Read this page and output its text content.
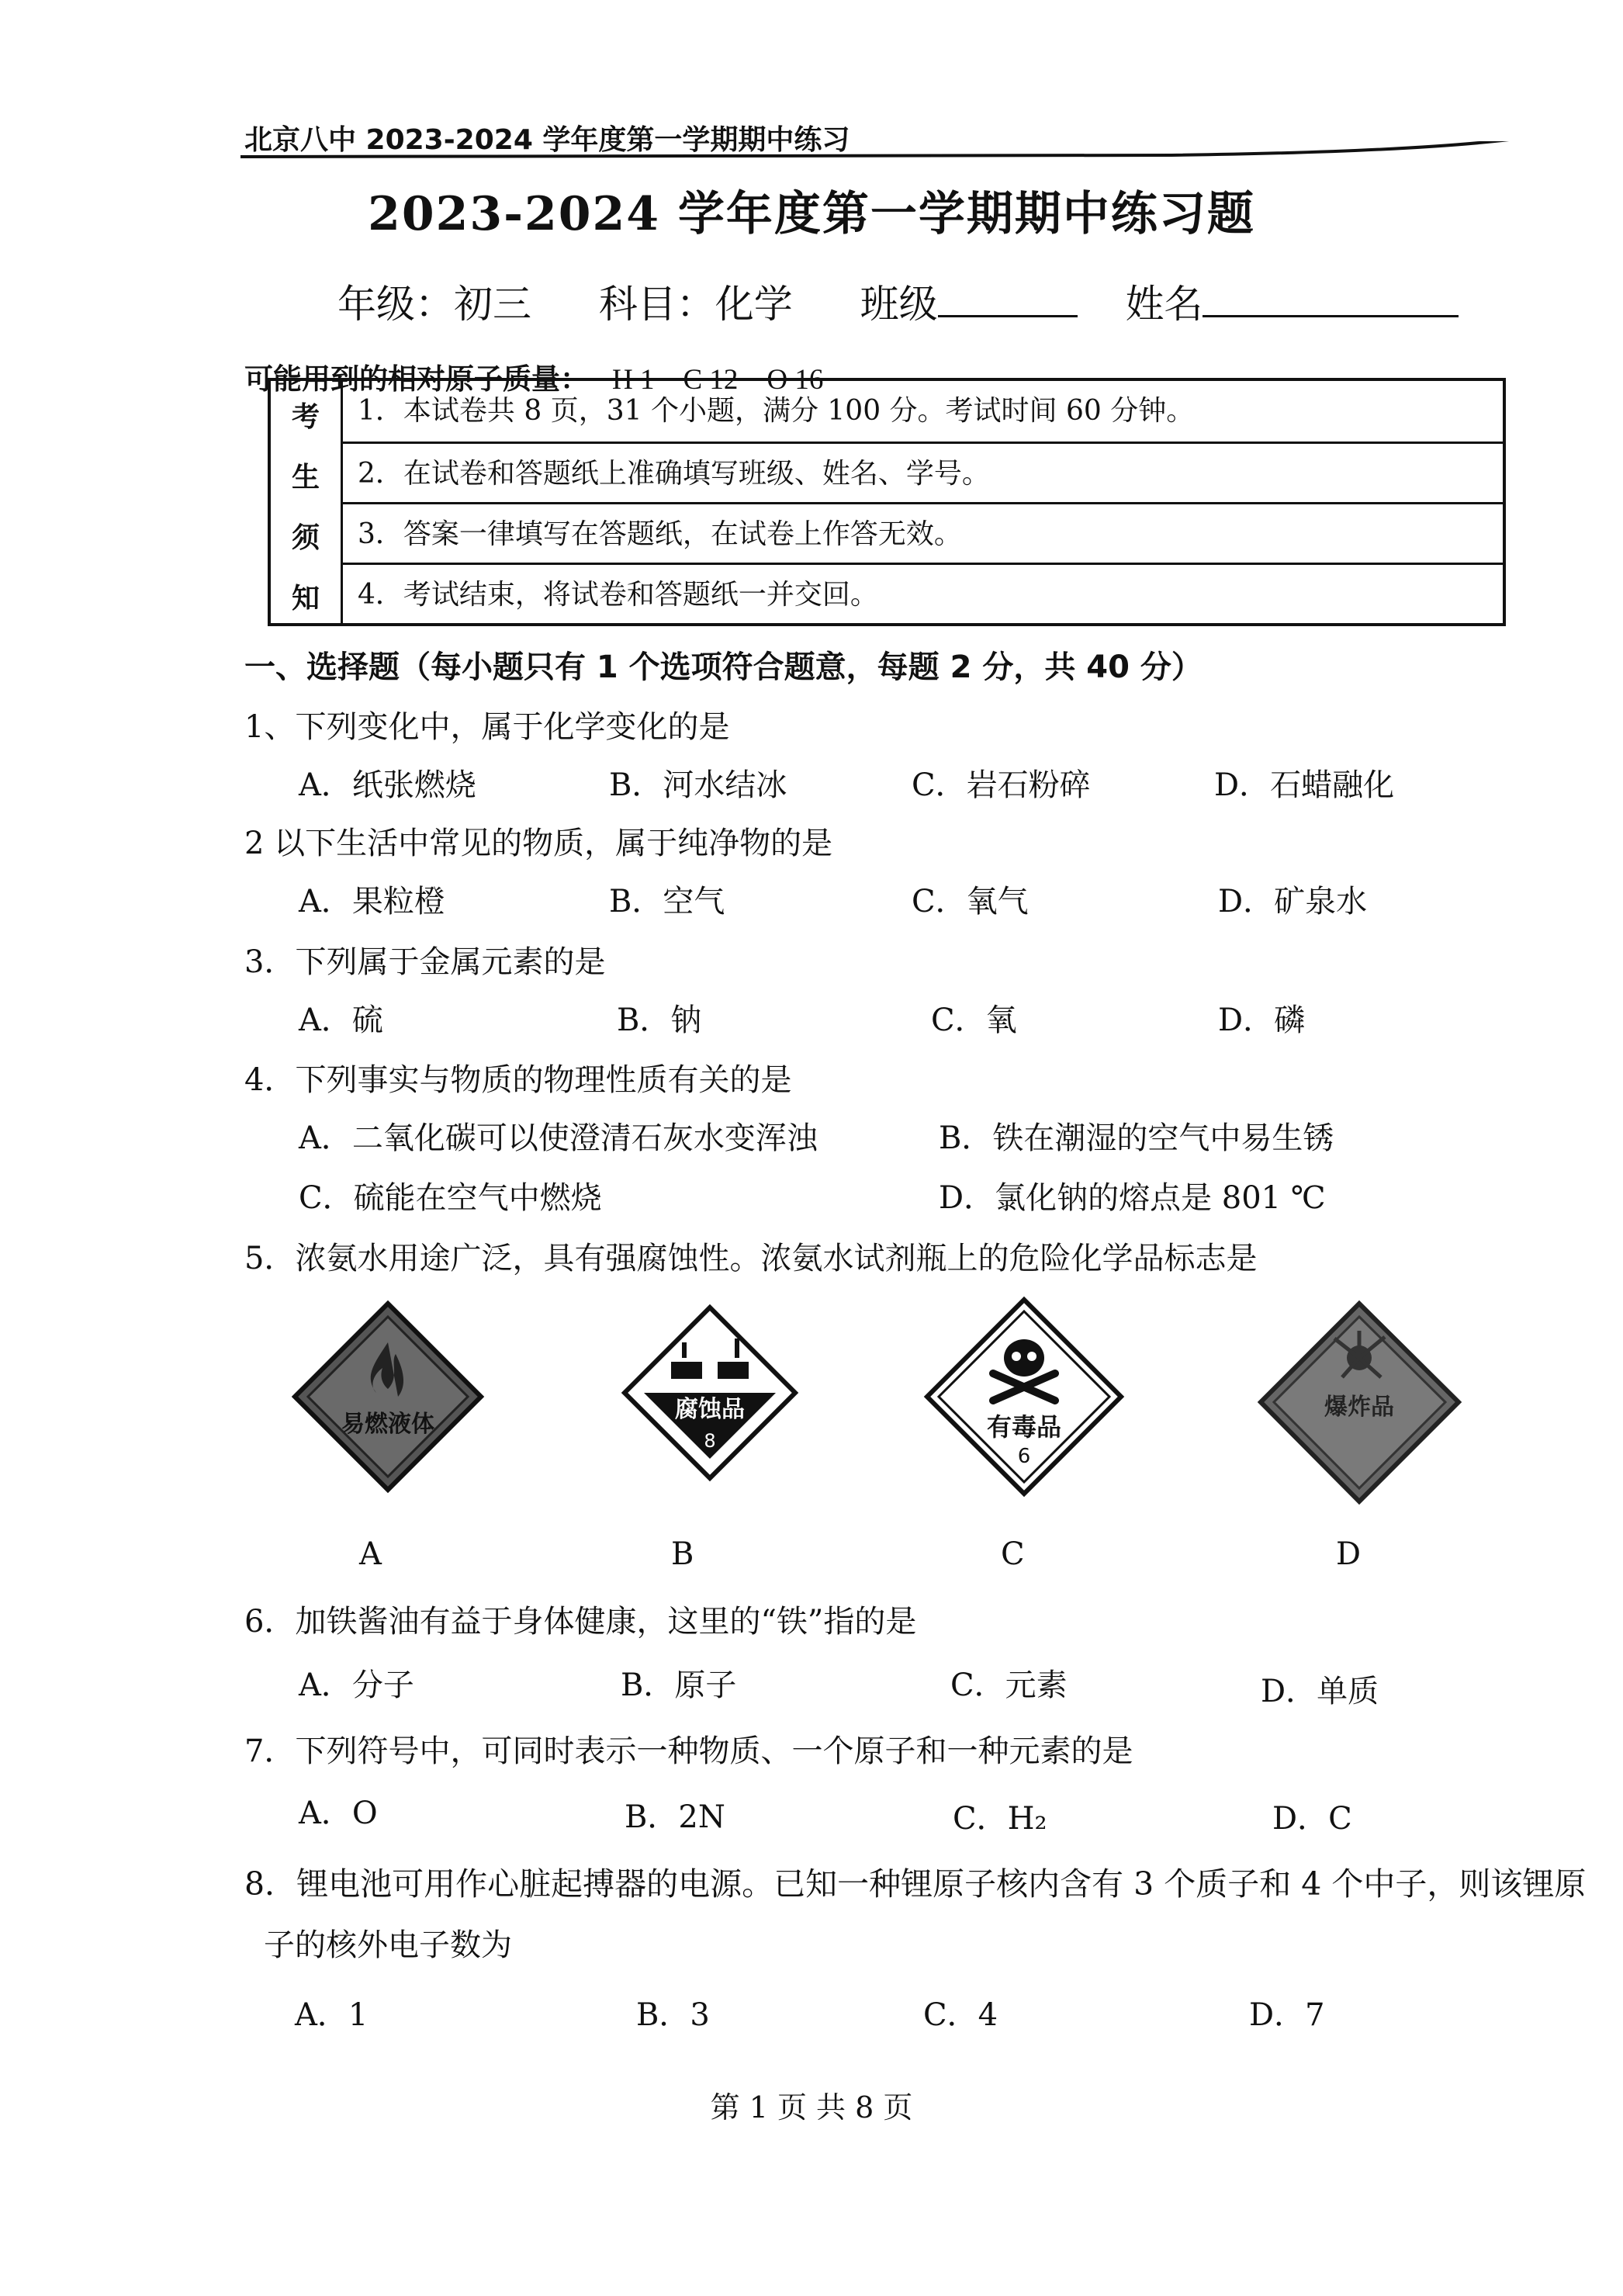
北京八中 2023-2024 学年度第一学期期中练习
2023-2024 学年度第一学期期中练习题
年级：初三 科目：化学 班级	姓名
可能用到的相对原子质量： H 1    C 12    O 16
考
生
须
知
1．本试卷共 8 页，31 个小题，满分 100 分。考试时间 60 分钟。
2．在试卷和答题纸上准确填写班级、姓名、学号。
3．答案一律填写在答题纸，在试卷上作答无效。
4．考试结束，将试卷和答题纸一并交回。
一、选择题（每小题只有 1 个选项符合题意，每题 2 分，共 40 分）
1、下列变化中，属于化学变化的是
A．纸张燃烧	B．河水结冰	C．岩石粉碎	D．石蜡融化
2 以下生活中常见的物质，属于纯净物的是
A．果粒橙	B．空气	C．氧气	D．矿泉水
3．下列属于金属元素的是
A．硫	B．钠	C．氧	D．磷
4．下列事实与物质的物理性质有关的是
A．二氧化碳可以使澄清石灰水变浑浊	B．铁在潮湿的空气中易生锈
C．硫能在空气中燃烧	D．氯化钠的熔点是 801 ℃
5．浓氨水用途广泛，具有强腐蚀性。浓氨水试剂瓶上的危险化学品标志是
易燃液体
腐蚀品
8	有毒品
6
爆炸品
A	B	C	D
6．加铁酱油有益于身体健康，这里的“铁”指的是
A．分子	B．原子	C．元素	D．单质
7．下列符号中，可同时表示一种物质、一个原子和一种元素的是
A．O	B．2N	C．H₂	D．C
8．锂电池可用作心脏起搏器的电源。已知一种锂原子核内含有 3 个质子和 4 个中子，则该锂原
子的核外电子数为
A．1	B．3	C．4	D．7
第 1 页 共 8 页
